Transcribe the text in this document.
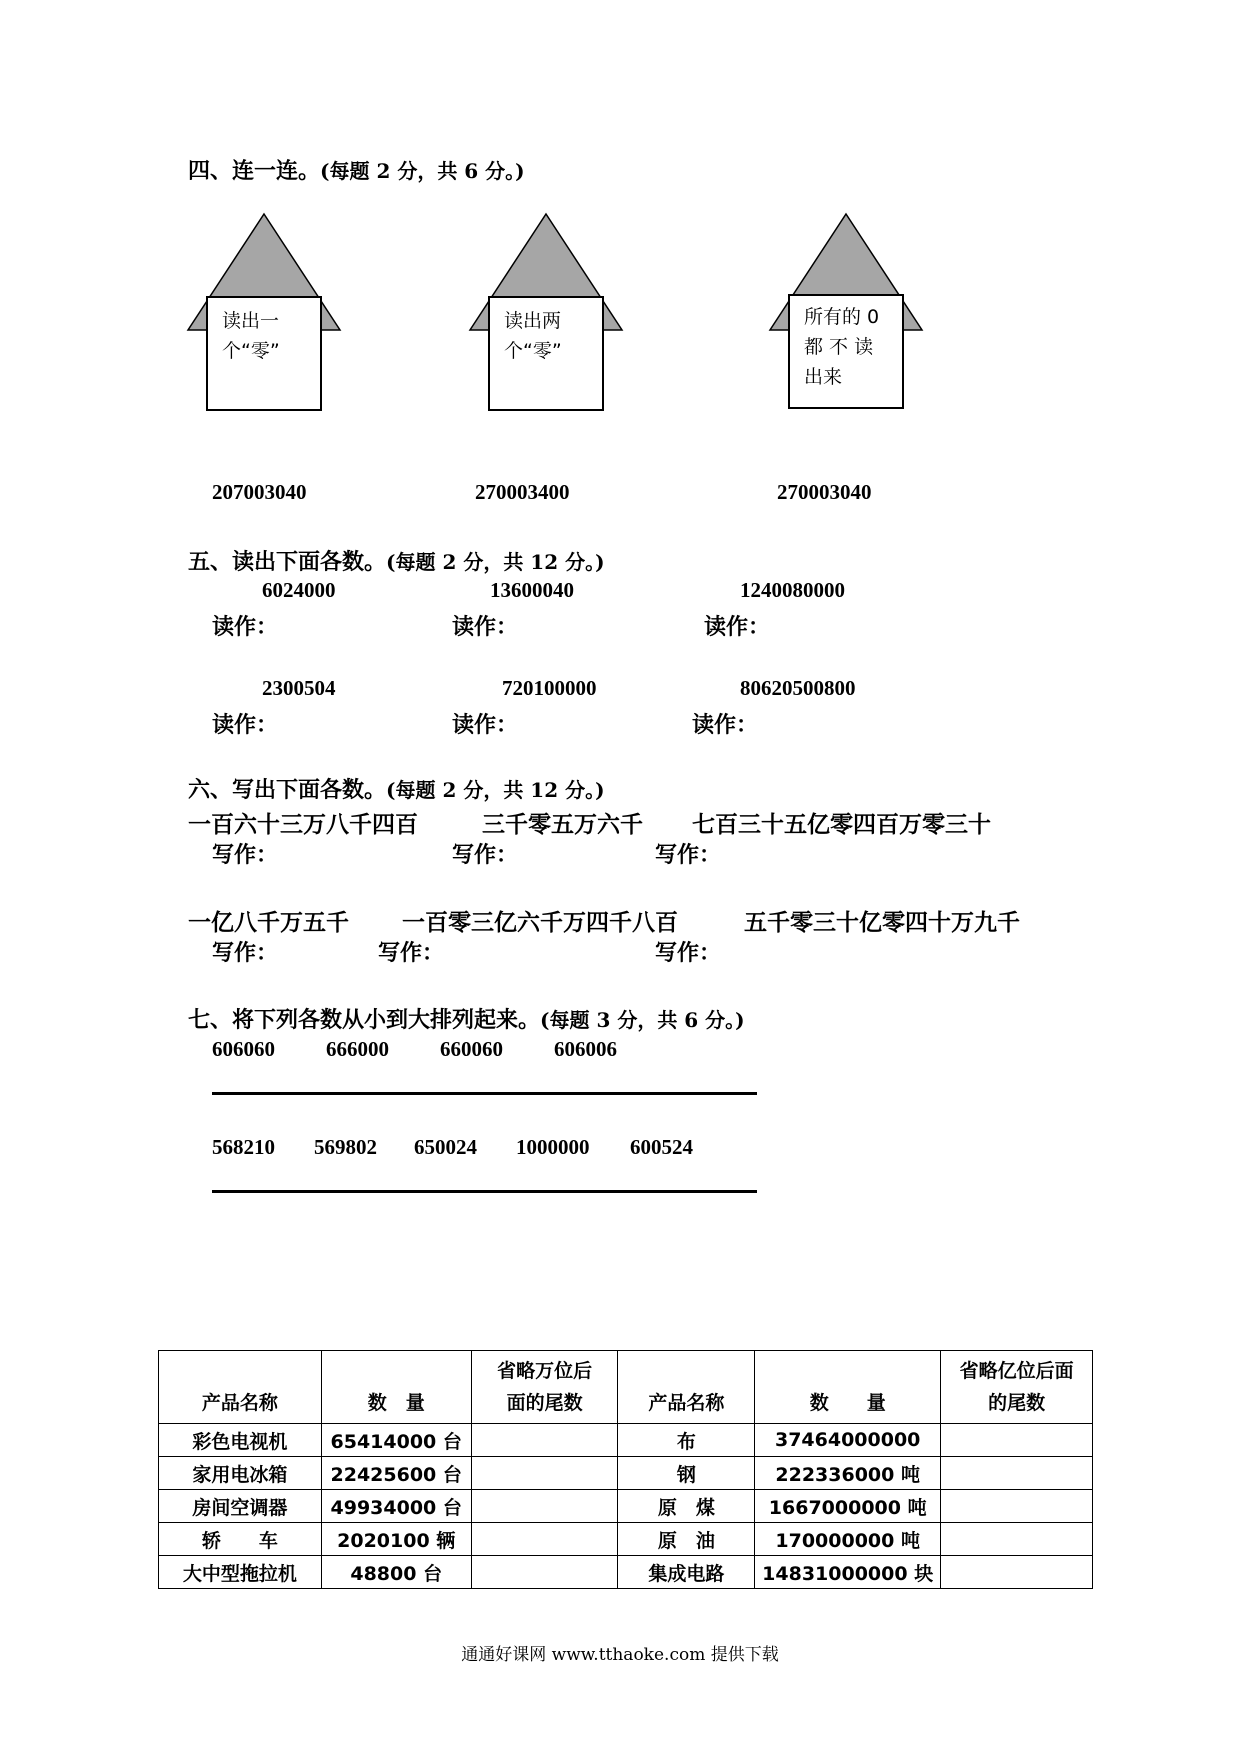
四、连一连。(每题 2 分，共 6 分。)
读出一个“零”
读出两个“零”
所有的 0 都 不 读 出来
207003040	270003400	270003040
五、读出下面各数。(每题 2 分，共 12 分。)
6024000	13600040	1240080000
读作：	读作：	读作：
2300504	720100000	80620500800
读作：	读作：	读作：
六、写出下面各数。(每题 2 分，共 12 分。)
一百六十三万八千四百	三千零五万六千 七百三十五亿零四百万零三十
写作：	写作：	写作：
一亿八千万五千 一百零三亿六千万四千八百	五千零三十亿零四十万九千
写作：	写作：	写作：
七、将下列各数从小到大排列起来。(每题 3 分，共 6 分。)
606060 666000 660060 606006
568210 569802 650024 1000000 600524
产品名称	数　量	省略万位后面的尾数	产品名称	数　　量	省略亿位后面的尾数
彩色电视机	65414000 台		布	37464000000	
家用电冰箱	22425600 台		钢	222336000 吨	
房间空调器	49934000 台		原　煤	1667000000 吨	
轿　　车	2020100 辆		原　油	170000000 吨	
大中型拖拉机	48800 台		集成电路	14831000000 块	
通通好课网 www.tthaoke.com 提供下载
